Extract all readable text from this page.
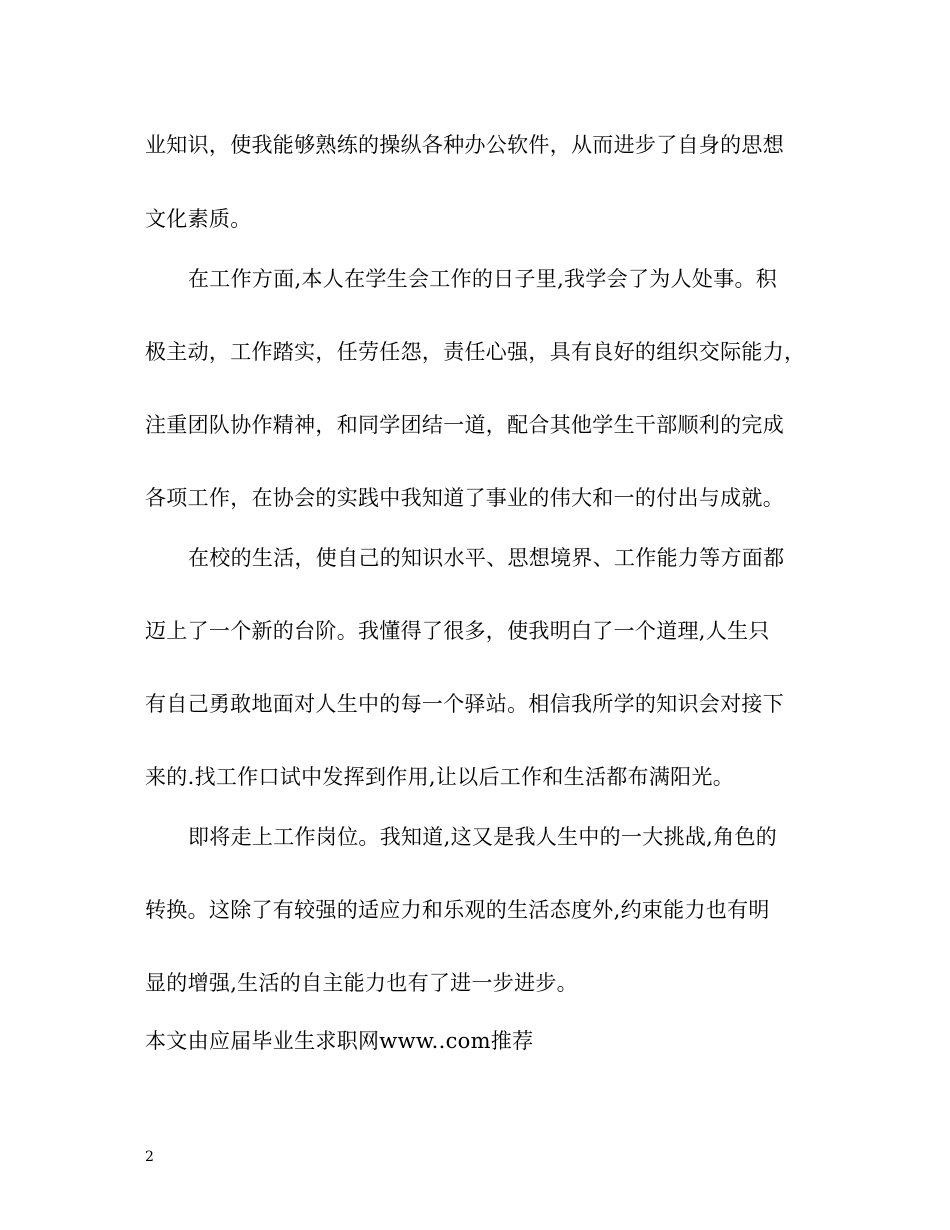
业知识，使我能够熟练的操纵各种办公软件，从而进步了自身的思想
文化素质。
在工作方面,本人在学生会工作的日子里,我学会了为人处事。积
极主动，工作踏实，任劳任怨，责任心强，具有良好的组织交际能力，
注重团队协作精神，和同学团结一道，配合其他学生干部顺利的完成
各项工作，在协会的实践中我知道了事业的伟大和一的付出与成就。
在校的生活，使自己的知识水平、思想境界、工作能力等方面都
迈上了一个新的台阶。我懂得了很多，使我明白了一个道理,人生只
有自己勇敢地面对人生中的每一个驿站。相信我所学的知识会对接下
来的.找工作口试中发挥到作用,让以后工作和生活都布满阳光。
即将走上工作岗位。我知道,这又是我人生中的一大挑战,角色的
转换。这除了有较强的适应力和乐观的生活态度外,约束能力也有明
显的增强,生活的自主能力也有了进一步进步。
本文由应届毕业生求职网www..com推荐
2
